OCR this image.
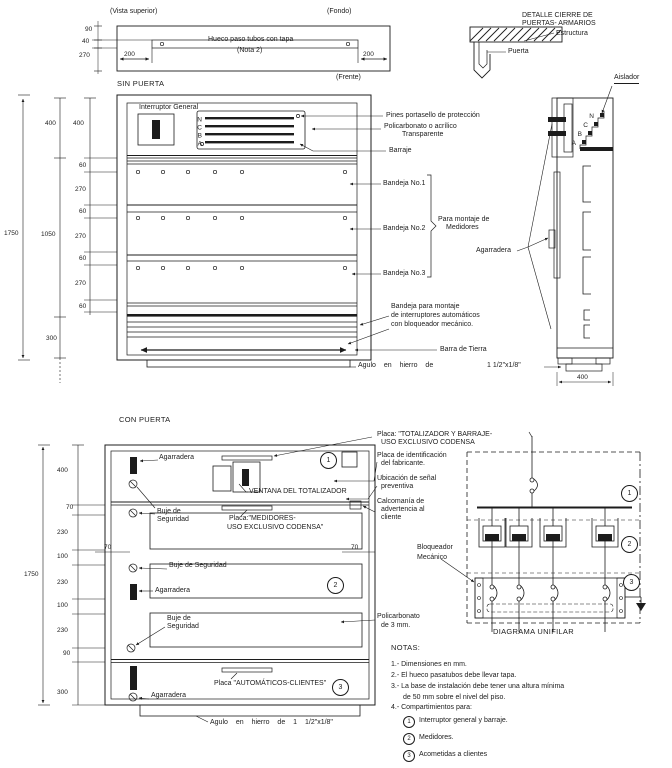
90
40
270	200	200
N
C
B
A
1750
400
1050
300
400
60
270
60
270
60
270
60
N
C
B
A
400
1750
400
70
230
100
230
100
230
90
300
70	70
kWh kWh	kWh	kWh
(Vista superior)	(Fondo)
Hueco paso tubos con tapa
(Nota 2)
(Frente)
SIN PUERTA
DETALLE CIERRE DE
PUERTAS- ARMARIOS
Estructura
Puerta
Interruptor General
Pines portasello de protección
Policarbonato o acrílico
Transparente
Barraje
Bandeja No.1
Bandeja No.2
Bandeja No.3
Para montaje de
Medidores
Bandeja para montaje
de interruptores automáticos
con bloqueador mecánico.
Barra de Tierra
Agulo en hierro de	1 1/2"x1/8"
Aislador
Agarradera
CON PUERTA
Agarradera
VENTANA DEL TOTALIZADOR
Placa: "TOTALIZADOR Y BARRAJE-
USO EXCLUSIVO CODENSA
Placa de identificación
del fabricante.
Ubicación de señal
preventiva
Calcomanía de
advertencia al
cliente
Buje de
Seguridad	Placa:"MEDIDORES-
USO EXCLUSIVO CODENSA"
Buje de Seguridad
Agarradera
Buje de
Seguridad
Policarbonato
de 3 mm.
Bloqueador
Mecánico
Agarradera
Placa "AUTOMÁTICOS-CLIENTES"
Agulo en hierro de 1 1/2"x1/8"
1
2
3
1
2
3
DIAGRAMA UNIFILAR
NOTAS:
1.- Dimensiones en mm.
2.- El hueco pasatubos debe llevar tapa.
3.- La base de instalación debe tener una altura mínima
de 50 mm sobre el nivel del piso.
4.- Compartimientos para:
1 Interruptor general y barraje.
2 Medidores.
3 Acometidas a clientes
